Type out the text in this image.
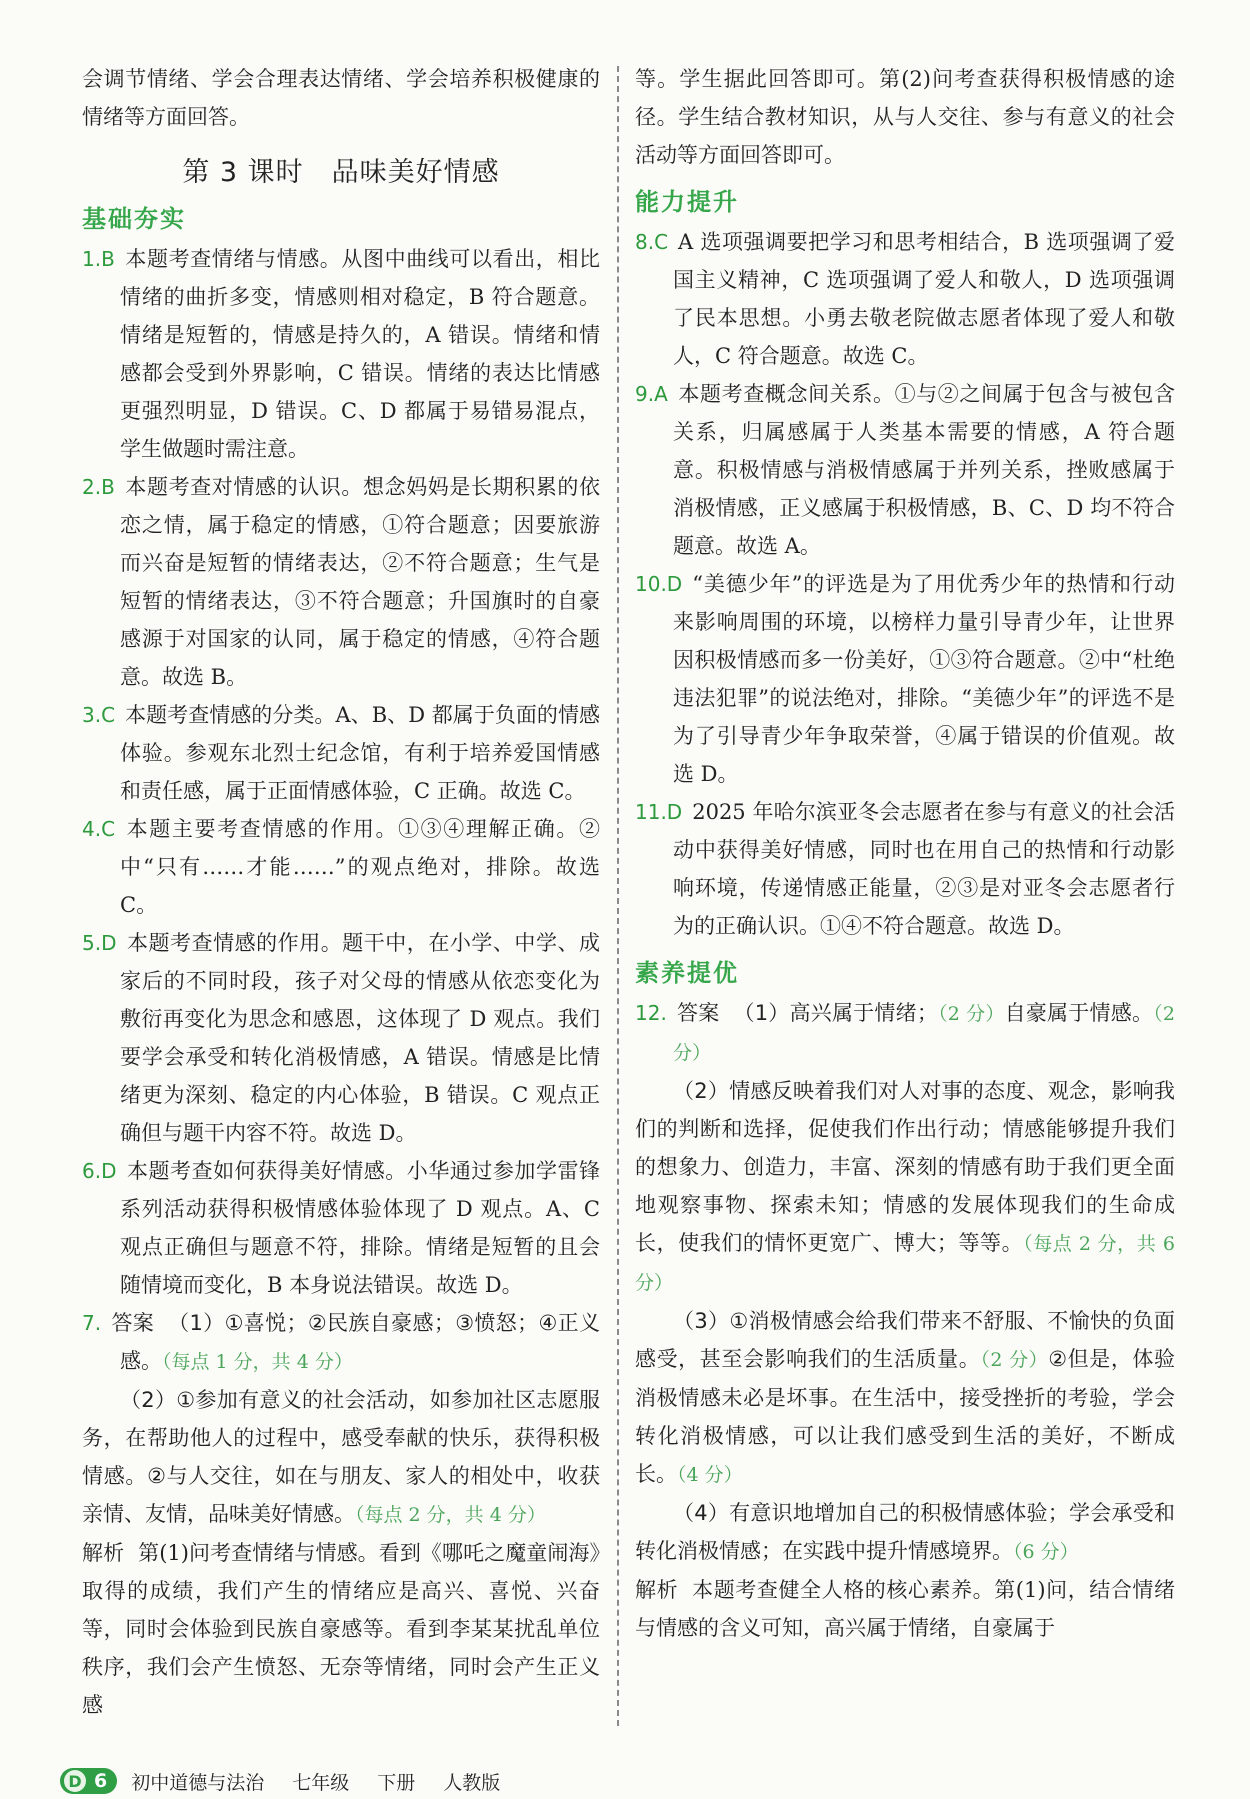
会调节情绪、学会合理表达情绪、学会培养积极健康的情绪等方面回答。

第 3 课时　品味美好情感
基础夯实

1.B 本题考查情绪与情感。从图中曲线可以看出，相比情绪的曲折多变，情感则相对稳定，B 符合题意。情绪是短暂的，情感是持久的，A 错误。情绪和情感都会受到外界影响，C 错误。情绪的表达比情感更强烈明显，D 错误。C、D 都属于易错易混点，学生做题时需注意。

2.B 本题考查对情感的认识。想念妈妈是长期积累的依恋之情，属于稳定的情感，①符合题意；因要旅游而兴奋是短暂的情绪表达，②不符合题意；生气是短暂的情绪表达，③不符合题意；升国旗时的自豪感源于对国家的认同，属于稳定的情感，④符合题意。故选 B。

3.C 本题考查情感的分类。A、B、D 都属于负面的情感体验。参观东北烈士纪念馆，有利于培养爱国情感和责任感，属于正面情感体验，C 正确。故选 C。

4.C 本题主要考查情感的作用。①③④理解正确。②中“只有……才能……”的观点绝对，排除。故选 C。

5.D 本题考查情感的作用。题干中，在小学、中学、成家后的不同时段，孩子对父母的情感从依恋变化为敷衍再变化为思念和感恩，这体现了 D 观点。我们要学会承受和转化消极情感，A 错误。情感是比情绪更为深刻、稳定的内心体验，B 错误。C 观点正确但与题干内容不符。故选 D。

6.D 本题考查如何获得美好情感。小华通过参加学雷锋系列活动获得积极情感体验体现了 D 观点。A、C 观点正确但与题意不符，排除。情绪是短暂的且会随情境而变化，B 本身说法错误。故选 D。

7. 答案 （1）①喜悦；②民族自豪感；③愤怒；④正义感。（每点 1 分，共 4 分）

（2）①参加有意义的社会活动，如参加社区志愿服务，在帮助他人的过程中，感受奉献的快乐，获得积极情感。②与人交往，如在与朋友、家人的相处中，收获亲情、友情，品味美好情感。（每点 2 分，共 4 分）

解析 第(1)问考查情绪与情感。看到《哪吒之魔童闹海》取得的成绩，我们产生的情绪应是高兴、喜悦、兴奋等，同时会体验到民族自豪感等。看到李某某扰乱单位秩序，我们会产生愤怒、无奈等情绪，同时会产生正义感

等。学生据此回答即可。第(2)问考查获得积极情感的途径。学生结合教材知识，从与人交往、参与有意义的社会活动等方面回答即可。

能力提升

8.C A 选项强调要把学习和思考相结合，B 选项强调了爱国主义精神，C 选项强调了爱人和敬人，D 选项强调了民本思想。小勇去敬老院做志愿者体现了爱人和敬人，C 符合题意。故选 C。

9.A 本题考查概念间关系。①与②之间属于包含与被包含关系，归属感属于人类基本需要的情感，A 符合题意。积极情感与消极情感属于并列关系，挫败感属于消极情感，正义感属于积极情感，B、C、D 均不符合题意。故选 A。

10.D “美德少年”的评选是为了用优秀少年的热情和行动来影响周围的环境，以榜样力量引导青少年，让世界因积极情感而多一份美好，①③符合题意。②中“杜绝违法犯罪”的说法绝对，排除。“美德少年”的评选不是为了引导青少年争取荣誉，④属于错误的价值观。故选 D。

11.D 2025 年哈尔滨亚冬会志愿者在参与有意义的社会活动中获得美好情感，同时也在用自己的热情和行动影响环境，传递情感正能量，②③是对亚冬会志愿者行为的正确认识。①④不符合题意。故选 D。

素养提优

12. 答案 （1）高兴属于情绪；（2 分）自豪属于情感。（2 分）

（2）情感反映着我们对人对事的态度、观念，影响我们的判断和选择，促使我们作出行动；情感能够提升我们的想象力、创造力，丰富、深刻的情感有助于我们更全面地观察事物、探索未知；情感的发展体现我们的生命成长，使我们的情怀更宽广、博大；等等。（每点 2 分，共 6 分）

（3）①消极情感会给我们带来不舒服、不愉快的负面感受，甚至会影响我们的生活质量。（2 分）②但是，体验消极情感未必是坏事。在生活中，接受挫折的考验，学会转化消极情感，可以让我们感受到生活的美好，不断成长。（4 分）

（4）有意识地增加自己的积极情感体验；学会承受和转化消极情感；在实践中提升情感境界。（6 分）

解析 本题考查健全人格的核心素养。第(1)问，结合情绪与情感的含义可知，高兴属于情绪，自豪属于

D 6 初中道德与法治 七年级 下册 人教版
